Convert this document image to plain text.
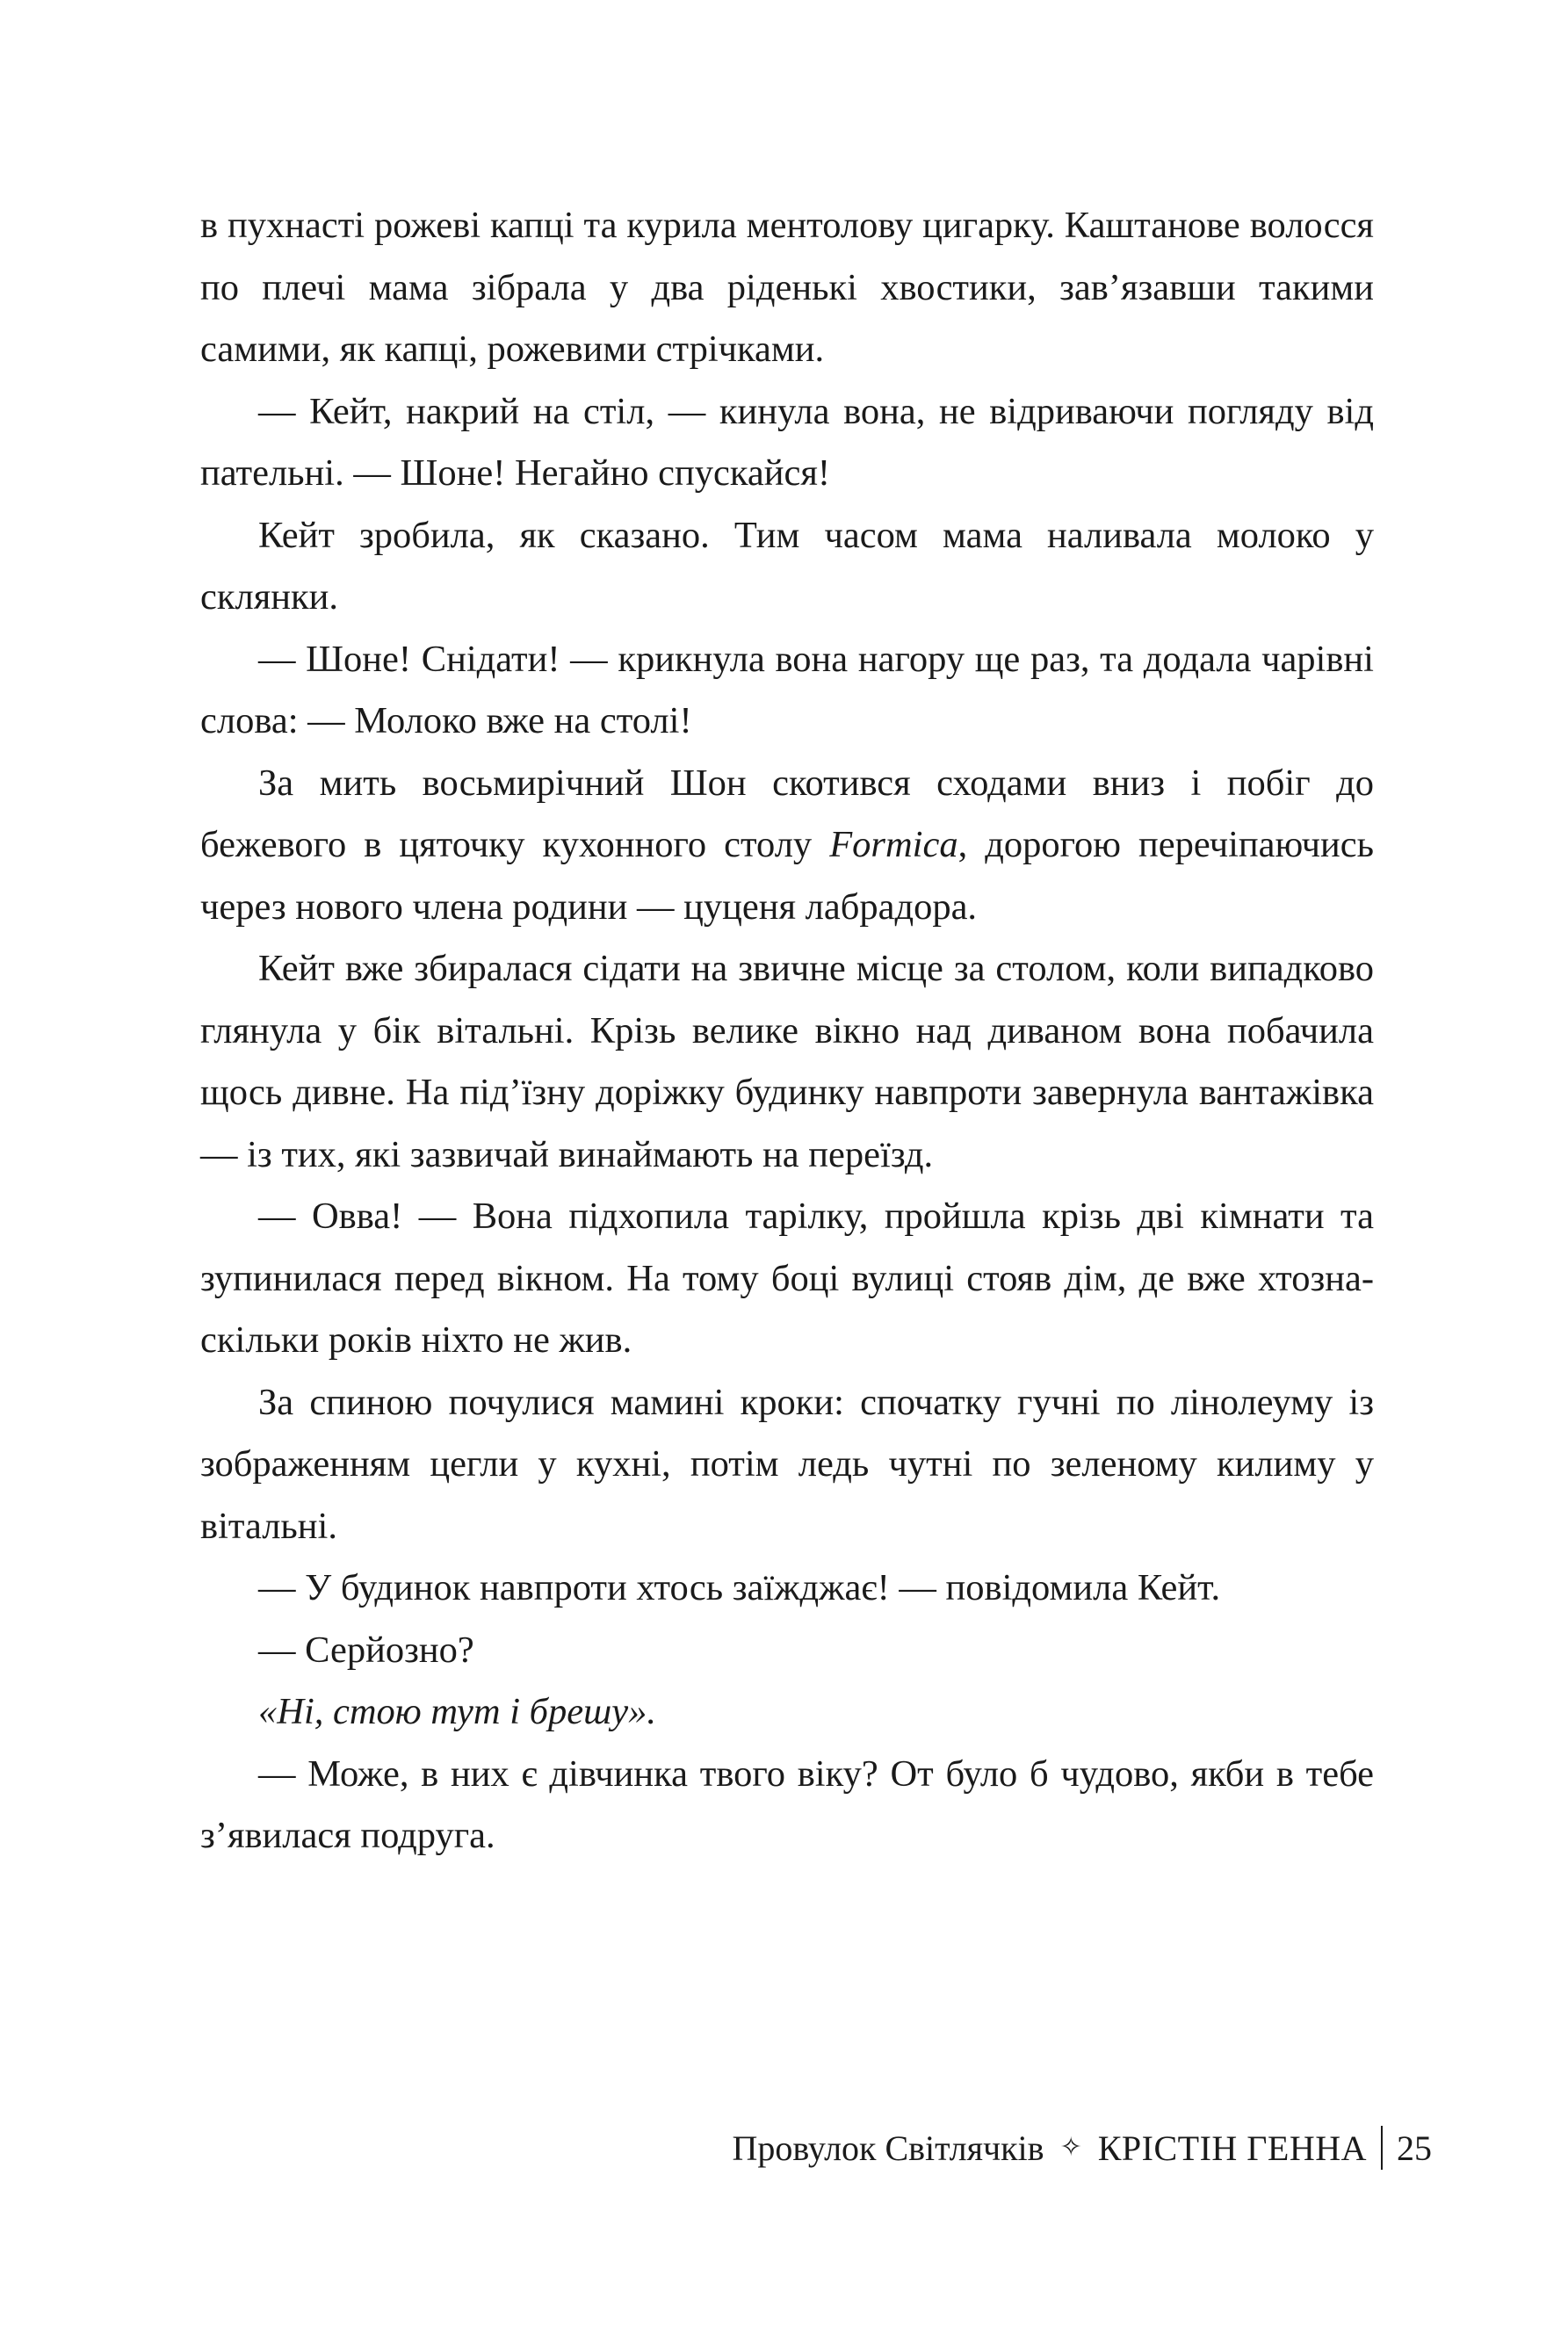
в пухнасті рожеві капці та курила ментолову цигарку. Каштанове волосся по плечі мама зібрала у два ріденькі хвостики, зав’язавши такими самими, як капці, рожевими стрічками.

— Кейт, накрий на стіл, — кинула вона, не відриваючи погляду від пательні. — Шоне! Негайно спускайся!

Кейт зробила, як сказано. Тим часом мама наливала молоко у склянки.

— Шоне! Снідати! — крикнула вона нагору ще раз, та додала чарівні слова: — Молоко вже на столі!

За мить восьмирічний Шон скотився сходами вниз і побіг до бежевого в цяточку кухонного столу Formica, дорогою перечіпаючись через нового члена родини — цуценя лабрадора.

Кейт вже збиралася сідати на звичне місце за столом, коли випадково глянула у бік вітальні. Крізь велике вікно над диваном вона побачила щось дивне. На під’їзну доріжку будинку навпроти завернула вантажівка — із тих, які зазвичай винаймають на переїзд.

— Овва! — Вона підхопила тарілку, пройшла крізь дві кімнати та зупинилася перед вікном. На тому боці вулиці стояв дім, де вже хтозна-скільки років ніхто не жив.

За спиною почулися мамині кроки: спочатку гучні по лінолеуму із зображенням цегли у кухні, потім ледь чутні по зеленому килиму у вітальні.

— У будинок навпроти хтось заїжджає! — повідомила Кейт.

— Серйозно?

«Ні, стою тут і брешу».

— Може, в них є дівчинка твого віку? От було б чудово, якби в тебе з’явилася подруга.

Провулок Світлячків ✧ КРІСТІН ГЕННА 25
